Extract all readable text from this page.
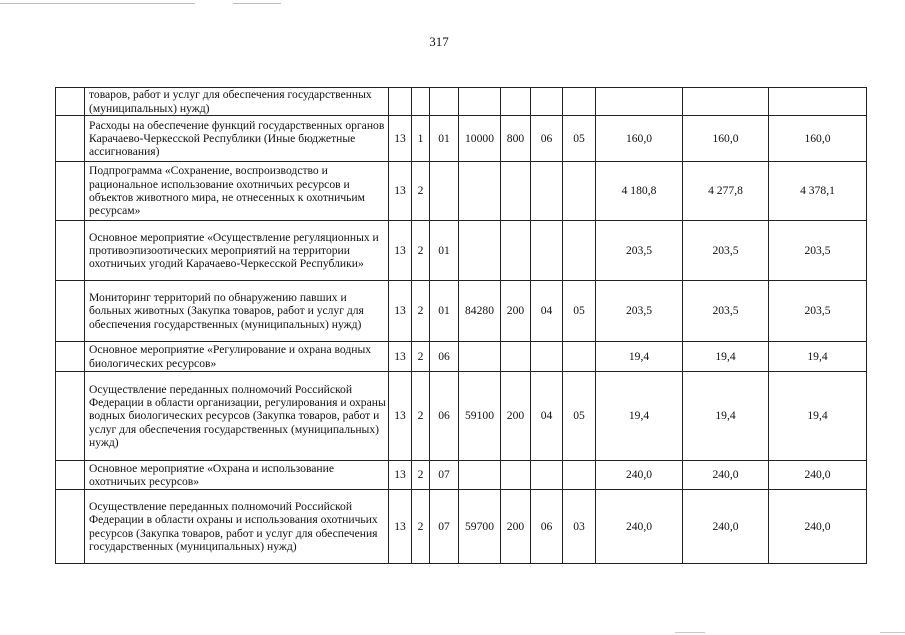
317
	товаров, работ и услуг для обеспечения государственных (муниципальных) нужд)										
	Расходы на обеспечение функций государственных органов Карачаево-Черкесской Республики (Иные бюджетные ассигнования)	13	1	01	10000	800	06	05	160,0	160,0	160,0
	Подпрограмма «Сохранение, воспроизводство и рациональное использование охотничьих ресурсов и объектов животного мира, не отнесенных к охотничьим ресурсам»	13	2						4 180,8	4 277,8	4 378,1
	Основное мероприятие «Осуществление регуляционных и противоэпизоотических мероприятий на территории охотничьих угодий Карачаево-Черкесской Республики»	13	2	01					203,5	203,5	203,5
	Мониторинг территорий по обнаружению павших и больных животных (Закупка товаров, работ и услуг для обеспечения государственных (муниципальных) нужд)	13	2	01	84280	200	04	05	203,5	203,5	203,5
	Основное мероприятие «Регулирование и охрана водных биологических ресурсов»	13	2	06					19,4	19,4	19,4
	Осуществление переданных полномочий Российской Федерации в области организации, регулирования и охраны водных биологических ресурсов (Закупка товаров, работ и услуг для обеспечения государственных (муниципальных) нужд)	13	2	06	59100	200	04	05	19,4	19,4	19,4
	Основное мероприятие «Охрана и использование охотничьих ресурсов»	13	2	07					240,0	240,0	240,0
	Осуществление переданных полномочий Российской Федерации в области охраны и использования охотничьих ресурсов (Закупка товаров, работ и услуг для обеспечения государственных (муниципальных) нужд)	13	2	07	59700	200	06	03	240,0	240,0	240,0
